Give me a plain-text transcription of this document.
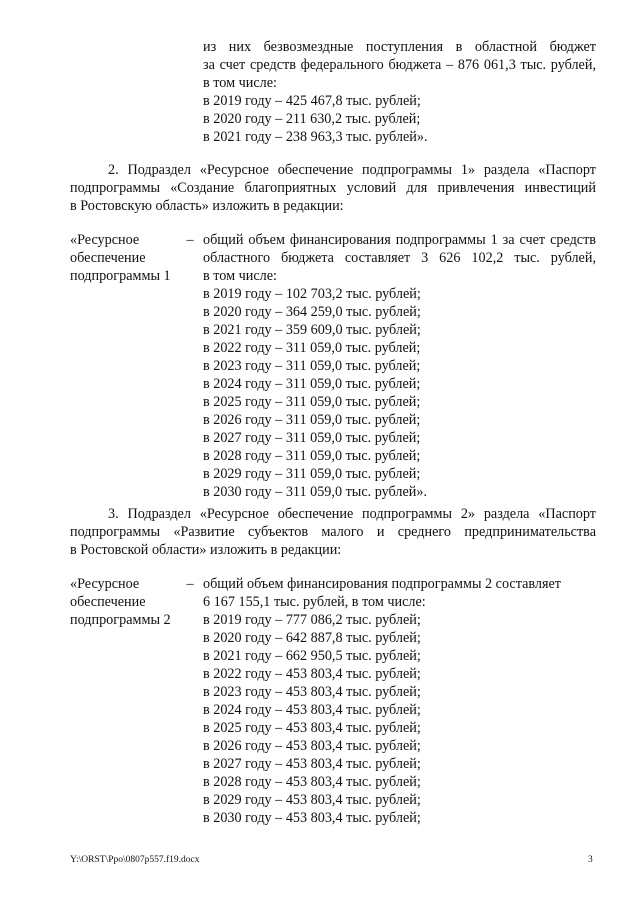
из них безвозмездные поступления в областной бюджет
за счет средств федерального бюджета – 876 061,3 тыс. рублей,
в том числе:
в 2019 году – 425 467,8 тыс. рублей;
в 2020 году – 211 630,2 тыс. рублей;
в 2021 году – 238 963,3 тыс. рублей».
2. Подраздел «Ресурсное обеспечение подпрограммы 1» раздела «Паспорт
подпрограммы «Создание благоприятных условий для привлечения инвестиций
в Ростовскую область» изложить в редакции:
«Ресурсное
обеспечение
подпрограммы 1
– общий объем финансирования подпрограммы 1 за счет средств
областного бюджета составляет 3 626 102,2 тыс. рублей,
в том числе:
в 2019 году – 102 703,2 тыс. рублей;
в 2020 году – 364 259,0 тыс. рублей;
в 2021 году – 359 609,0 тыс. рублей;
в 2022 году – 311 059,0 тыс. рублей;
в 2023 году – 311 059,0 тыс. рублей;
в 2024 году – 311 059,0 тыс. рублей;
в 2025 году – 311 059,0 тыс. рублей;
в 2026 году – 311 059,0 тыс. рублей;
в 2027 году – 311 059,0 тыс. рублей;
в 2028 году – 311 059,0 тыс. рублей;
в 2029 году – 311 059,0 тыс. рублей;
в 2030 году – 311 059,0 тыс. рублей».
3. Подраздел «Ресурсное обеспечение подпрограммы 2» раздела «Паспорт
подпрограммы «Развитие субъектов малого и среднего предпринимательства
в Ростовской области» изложить в редакции:
«Ресурсное
обеспечение
подпрограммы 2
– общий объем финансирования подпрограммы 2 составляет
6 167 155,1 тыс. рублей, в том числе:
в 2019 году – 777 086,2 тыс. рублей;
в 2020 году – 642 887,8 тыс. рублей;
в 2021 году – 662 950,5 тыс. рублей;
в 2022 году – 453 803,4 тыс. рублей;
в 2023 году – 453 803,4 тыс. рублей;
в 2024 году – 453 803,4 тыс. рублей;
в 2025 году – 453 803,4 тыс. рублей;
в 2026 году – 453 803,4 тыс. рублей;
в 2027 году – 453 803,4 тыс. рублей;
в 2028 году – 453 803,4 тыс. рублей;
в 2029 году – 453 803,4 тыс. рублей;
в 2030 году – 453 803,4 тыс. рублей;
Y:\ORST\Ppo\0807p557.f19.docx	3
